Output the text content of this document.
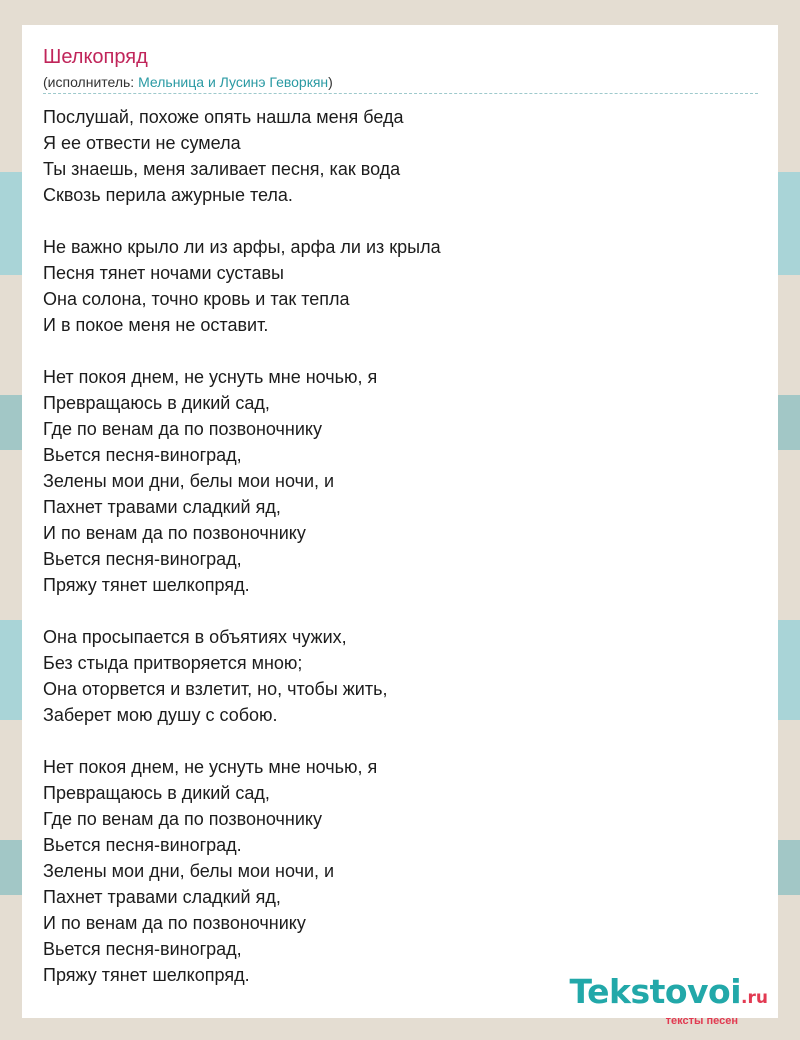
Шелкопряд
(исполнитель: Мельница и Лусинэ Геворкян)
Послушай, похоже опять нашла меня беда
Я ее отвести не сумела
Ты знаешь, меня заливает песня, как вода
Сквозь перила ажурные тела.
Не важно крыло ли из арфы, арфа ли из крыла
Песня тянет ночами суставы
Она солона, точно кровь и так тепла
И в покое меня не оставит.
Нет покоя днем, не уснуть мне ночью, я
Превращаюсь в дикий сад,
Где по венам да по позвоночнику
Вьется песня-виноград,
Зелены мои дни, белы мои ночи, и
Пахнет травами сладкий яд,
И по венам да по позвоночнику
Вьется песня-виноград,
Пряжу тянет шелкопряд.
Она просыпается в объятиях чужих,
Без стыда притворяется мною;
Она оторвется и взлетит, но, чтобы жить,
Заберет мою душу с собою.
Нет покоя днем, не уснуть мне ночью, я
Превращаюсь в дикий сад,
Где по венам да по позвоночнику
Вьется песня-виноград.
Зелены мои дни, белы мои ночи, и
Пахнет травами сладкий яд,
И по венам да по позвоночнику
Вьется песня-виноград,
Пряжу тянет шелкопряд.	Tekstovoi.ru
тексты песен
